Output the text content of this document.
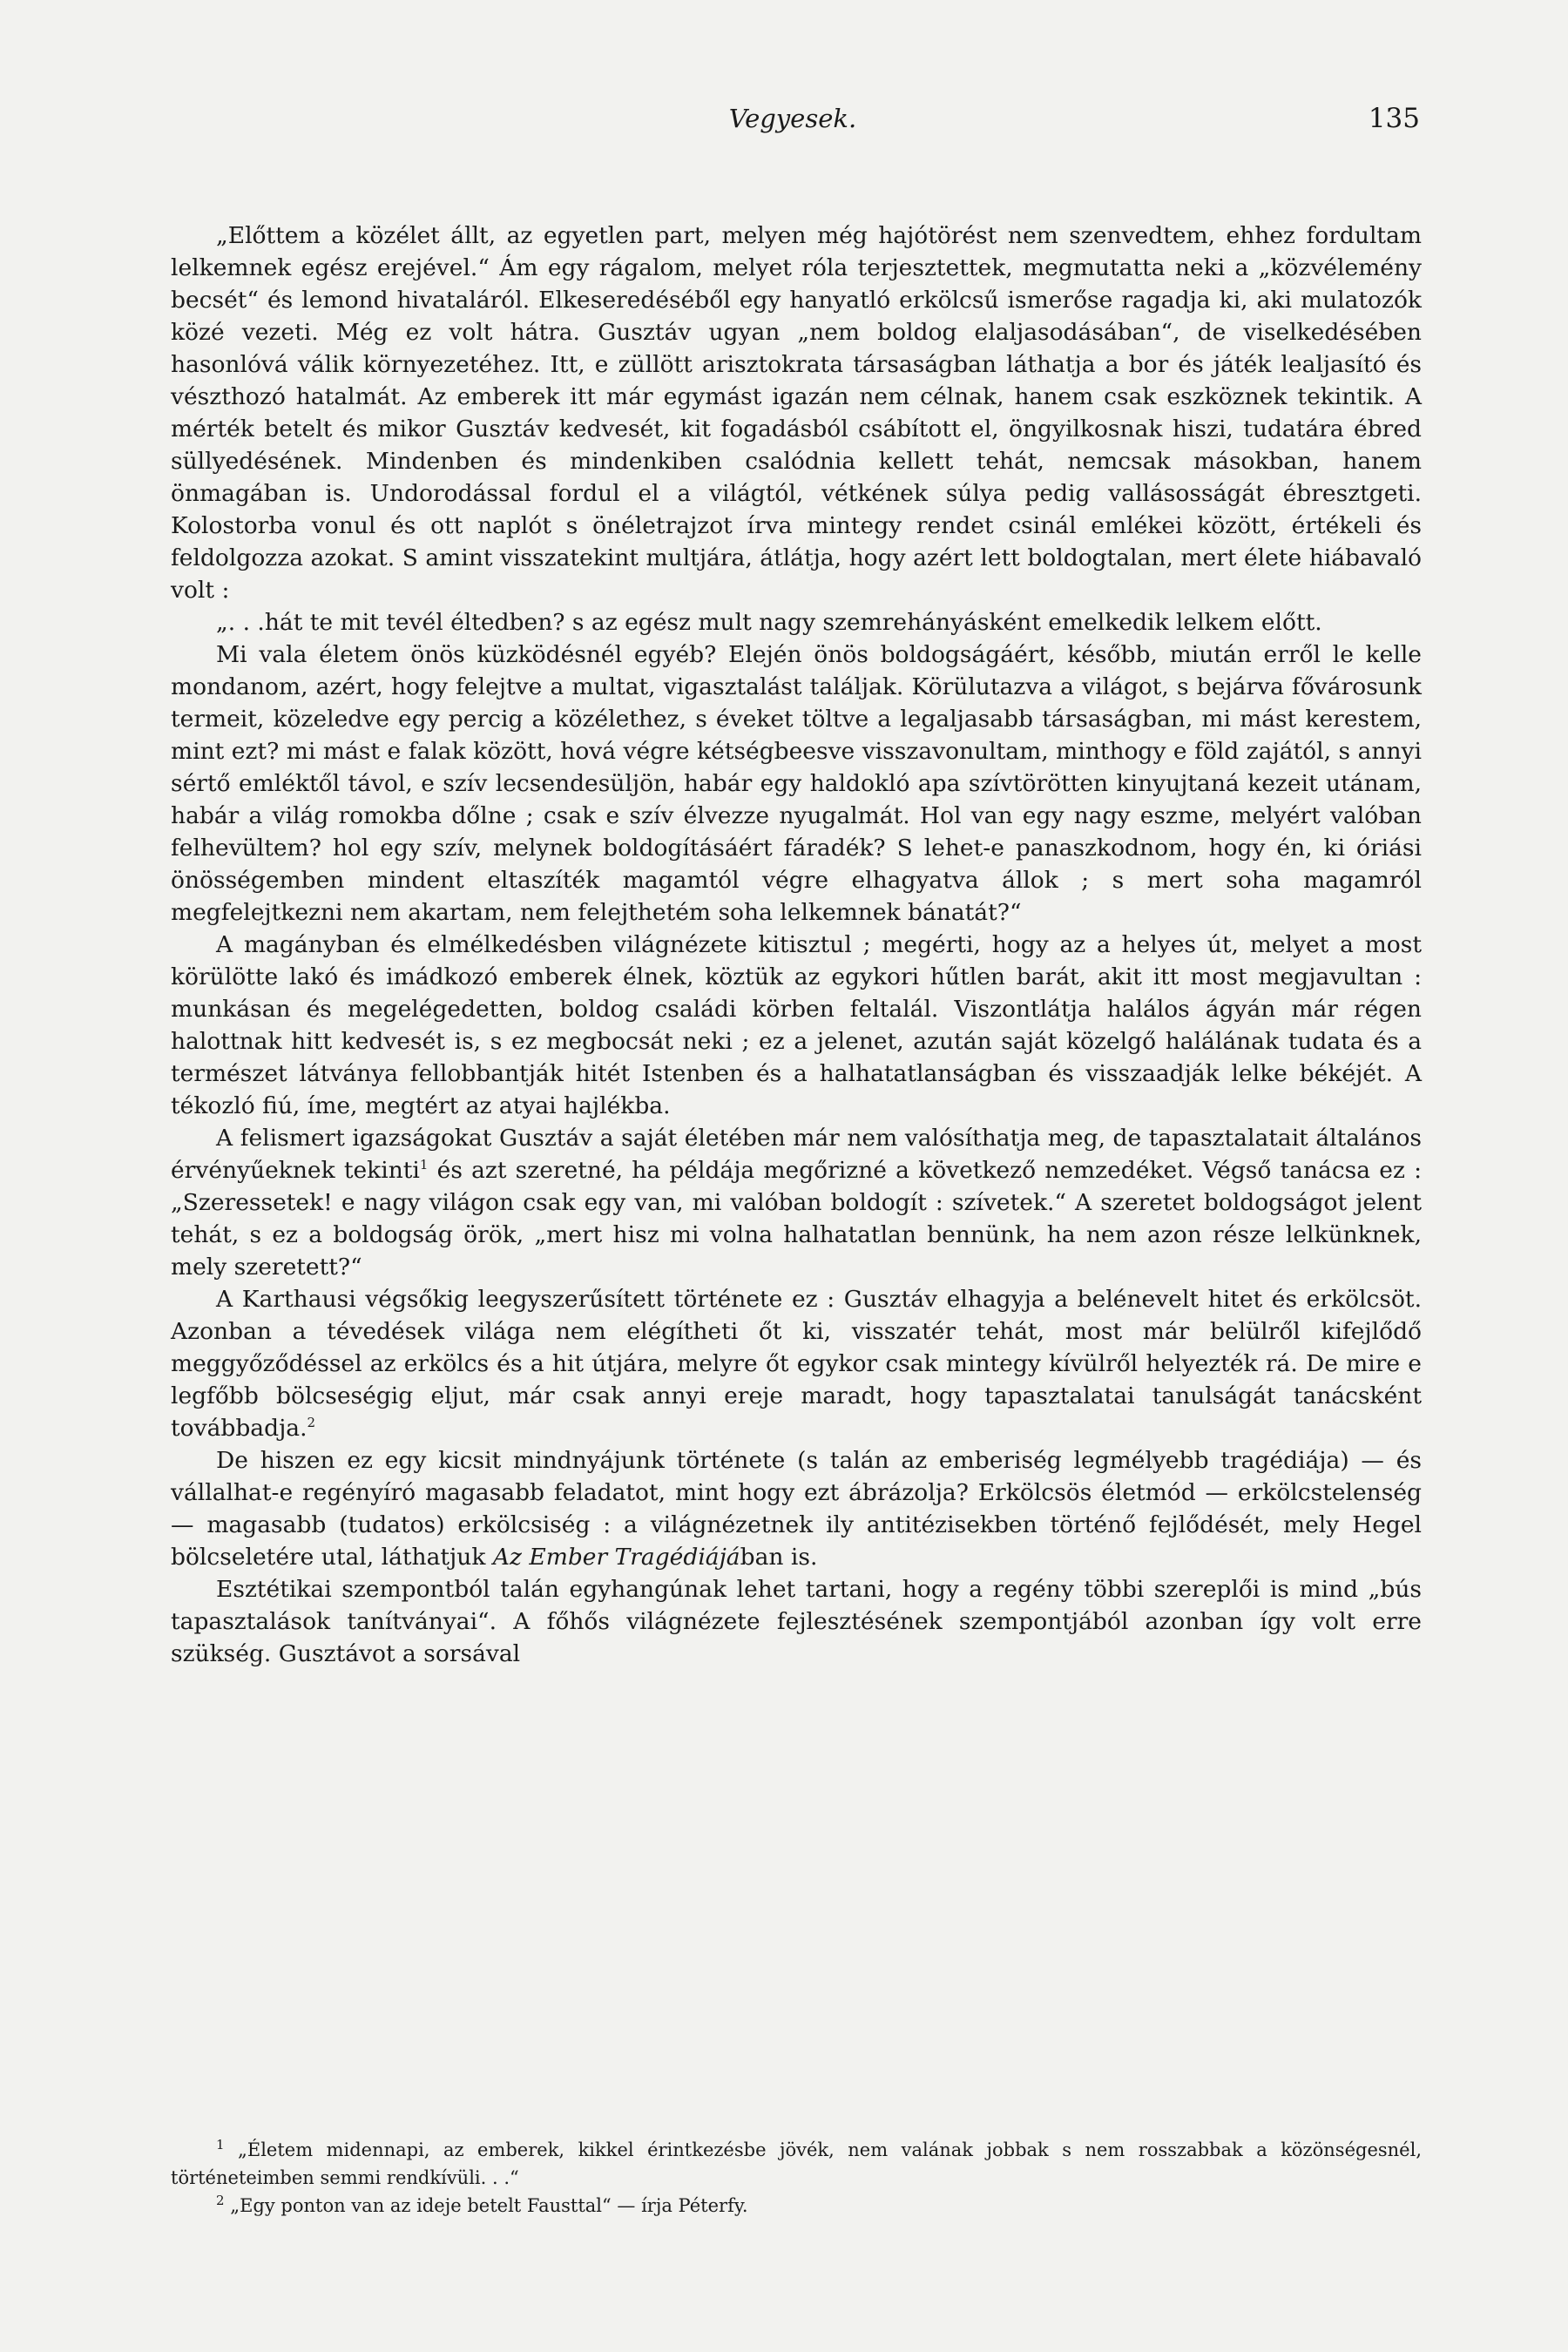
Vegyesek.	135

„Előttem a közélet állt, az egyetlen part, melyen még hajótörést nem szenvedtem, ehhez fordultam lelkemnek egész erejével.“ Ám egy rágalom, melyet róla terjesztettek, megmutatta neki a „közvélemény becsét“ és lemond hivataláról. Elkeseredéséből egy hanyatló erkölcsű ismerőse ragadja ki, aki mulatozók közé vezeti. Még ez volt hátra. Gusztáv ugyan „nem boldog elaljasodásában“, de viselkedésében hasonlóvá válik környezetéhez. Itt, e züllött arisztokrata társaságban láthatja a bor és játék lealjasító és vészthozó hatalmát. Az emberek itt már egymást igazán nem célnak, hanem csak eszköznek tekintik. A mérték betelt és mikor Gusztáv kedvesét, kit fogadásból csábított el, öngyilkosnak hiszi, tudatára ébred süllyedésének. Mindenben és mindenkiben csalódnia kellett tehát, nemcsak másokban, hanem önmagában is. Undorodással fordul el a világtól, vétkének súlya pedig vallásosságát ébresztgeti. Kolostorba vonul és ott naplót s önéletrajzot írva mintegy rendet csinál emlékei között, értékeli és feldolgozza azokat. S amint visszatekint multjára, átlátja, hogy azért lett boldogtalan, mert élete hiábavaló volt :

„. . .hát te mit tevél éltedben? s az egész mult nagy szemrehányásként emelkedik lelkem előtt.

Mi vala életem önös küzködésnél egyéb? Elején önös boldogságáért, később, miután erről le kelle mondanom, azért, hogy felejtve a multat, vigasztalást találjak. Körülutazva a világot, s bejárva fővárosunk termeit, közeledve egy percig a közélethez, s éveket töltve a legaljasabb társaságban, mi mást kerestem, mint ezt? mi mást e falak között, hová végre kétségbeesve visszavonultam, minthogy e föld zajától, s annyi sértő emléktől távol, e szív lecsendesüljön, habár egy haldokló apa szívtörötten kinyujtaná kezeit utánam, habár a világ romokba dőlne ; csak e szív élvezze nyugalmát. Hol van egy nagy eszme, melyért valóban felhevültem? hol egy szív, melynek boldogításáért fáradék? S lehet-e panaszkodnom, hogy én, ki óriási önösségemben mindent eltaszíték magamtól végre elhagyatva állok ; s mert soha magamról megfelejtkezni nem akartam, nem felejthetém soha lelkemnek bánatát?“

A magányban és elmélkedésben világnézete kitisztul ; megérti, hogy az a helyes út, melyet a most körülötte lakó és imádkozó emberek élnek, köztük az egykori hűtlen barát, akit itt most megjavultan : munkásan és megelégedetten, boldog családi körben feltalál. Viszontlátja halálos ágyán már régen halottnak hitt kedvesét is, s ez megbocsát neki ; ez a jelenet, azután saját közelgő halálának tudata és a természet látványa fellobbantják hitét Istenben és a halhatatlanságban és visszaadják lelke békéjét. A tékozló fiú, íme, megtért az atyai hajlékba.

A felismert igazságokat Gusztáv a saját életében már nem valósíthatja meg, de tapasztalatait általános érvényűeknek tekinti$^1$ és azt szeretné, ha példája megőrizné a következő nemzedéket. Végső tanácsa ez : „Szeressetek! e nagy világon csak egy van, mi valóban boldogít : szívetek.“ A szeretet boldogságot jelent tehát, s ez a boldogság örök, „mert hisz mi volna halhatatlan bennünk, ha nem azon része lelkünknek, mely szeretett?“

A Karthausi végsőkig leegyszerűsített története ez : Gusztáv elhagyja a belénevelt hitet és erkölcsöt. Azonban a tévedések világa nem elégítheti őt ki, visszatér tehát, most már belülről kifejlődő meggyőződéssel az erkölcs és a hit útjára, melyre őt egykor csak mintegy kívülről helyezték rá. De mire e legfőbb bölcseségig eljut, már csak annyi ereje maradt, hogy tapasztalatai tanulságát tanácsként továbbadja.$^2$

De hiszen ez egy kicsit mindnyájunk története (s talán az emberiség legmélyebb tragédiája) — és vállalhat-e regényíró magasabb feladatot, mint hogy ezt ábrázolja? Erkölcsös életmód — erkölcstelenség — magasabb (tudatos) erkölcsiség : a világnézetnek ily antitézisekben történő fejlődését, mely Hegel bölcseletére utal, láthatjuk Az Ember Tragédiájában is.

Esztétikai szempontból talán egyhangúnak lehet tartani, hogy a regény többi szereplői is mind „bús tapasztalások tanítványai“. A főhős világnézete fejlesztésének szempontjából azonban így volt erre szükség. Gusztávot a sorsával

$^1$ „Életem midennapi, az emberek, kikkel érintkezésbe jövék, nem valának jobbak s nem rosszabbak a közönségesnél, történeteimben semmi rendkívüli. . .“

$^2$ „Egy ponton van az ideje betelt Fausttal“ — írja Péterfy.
